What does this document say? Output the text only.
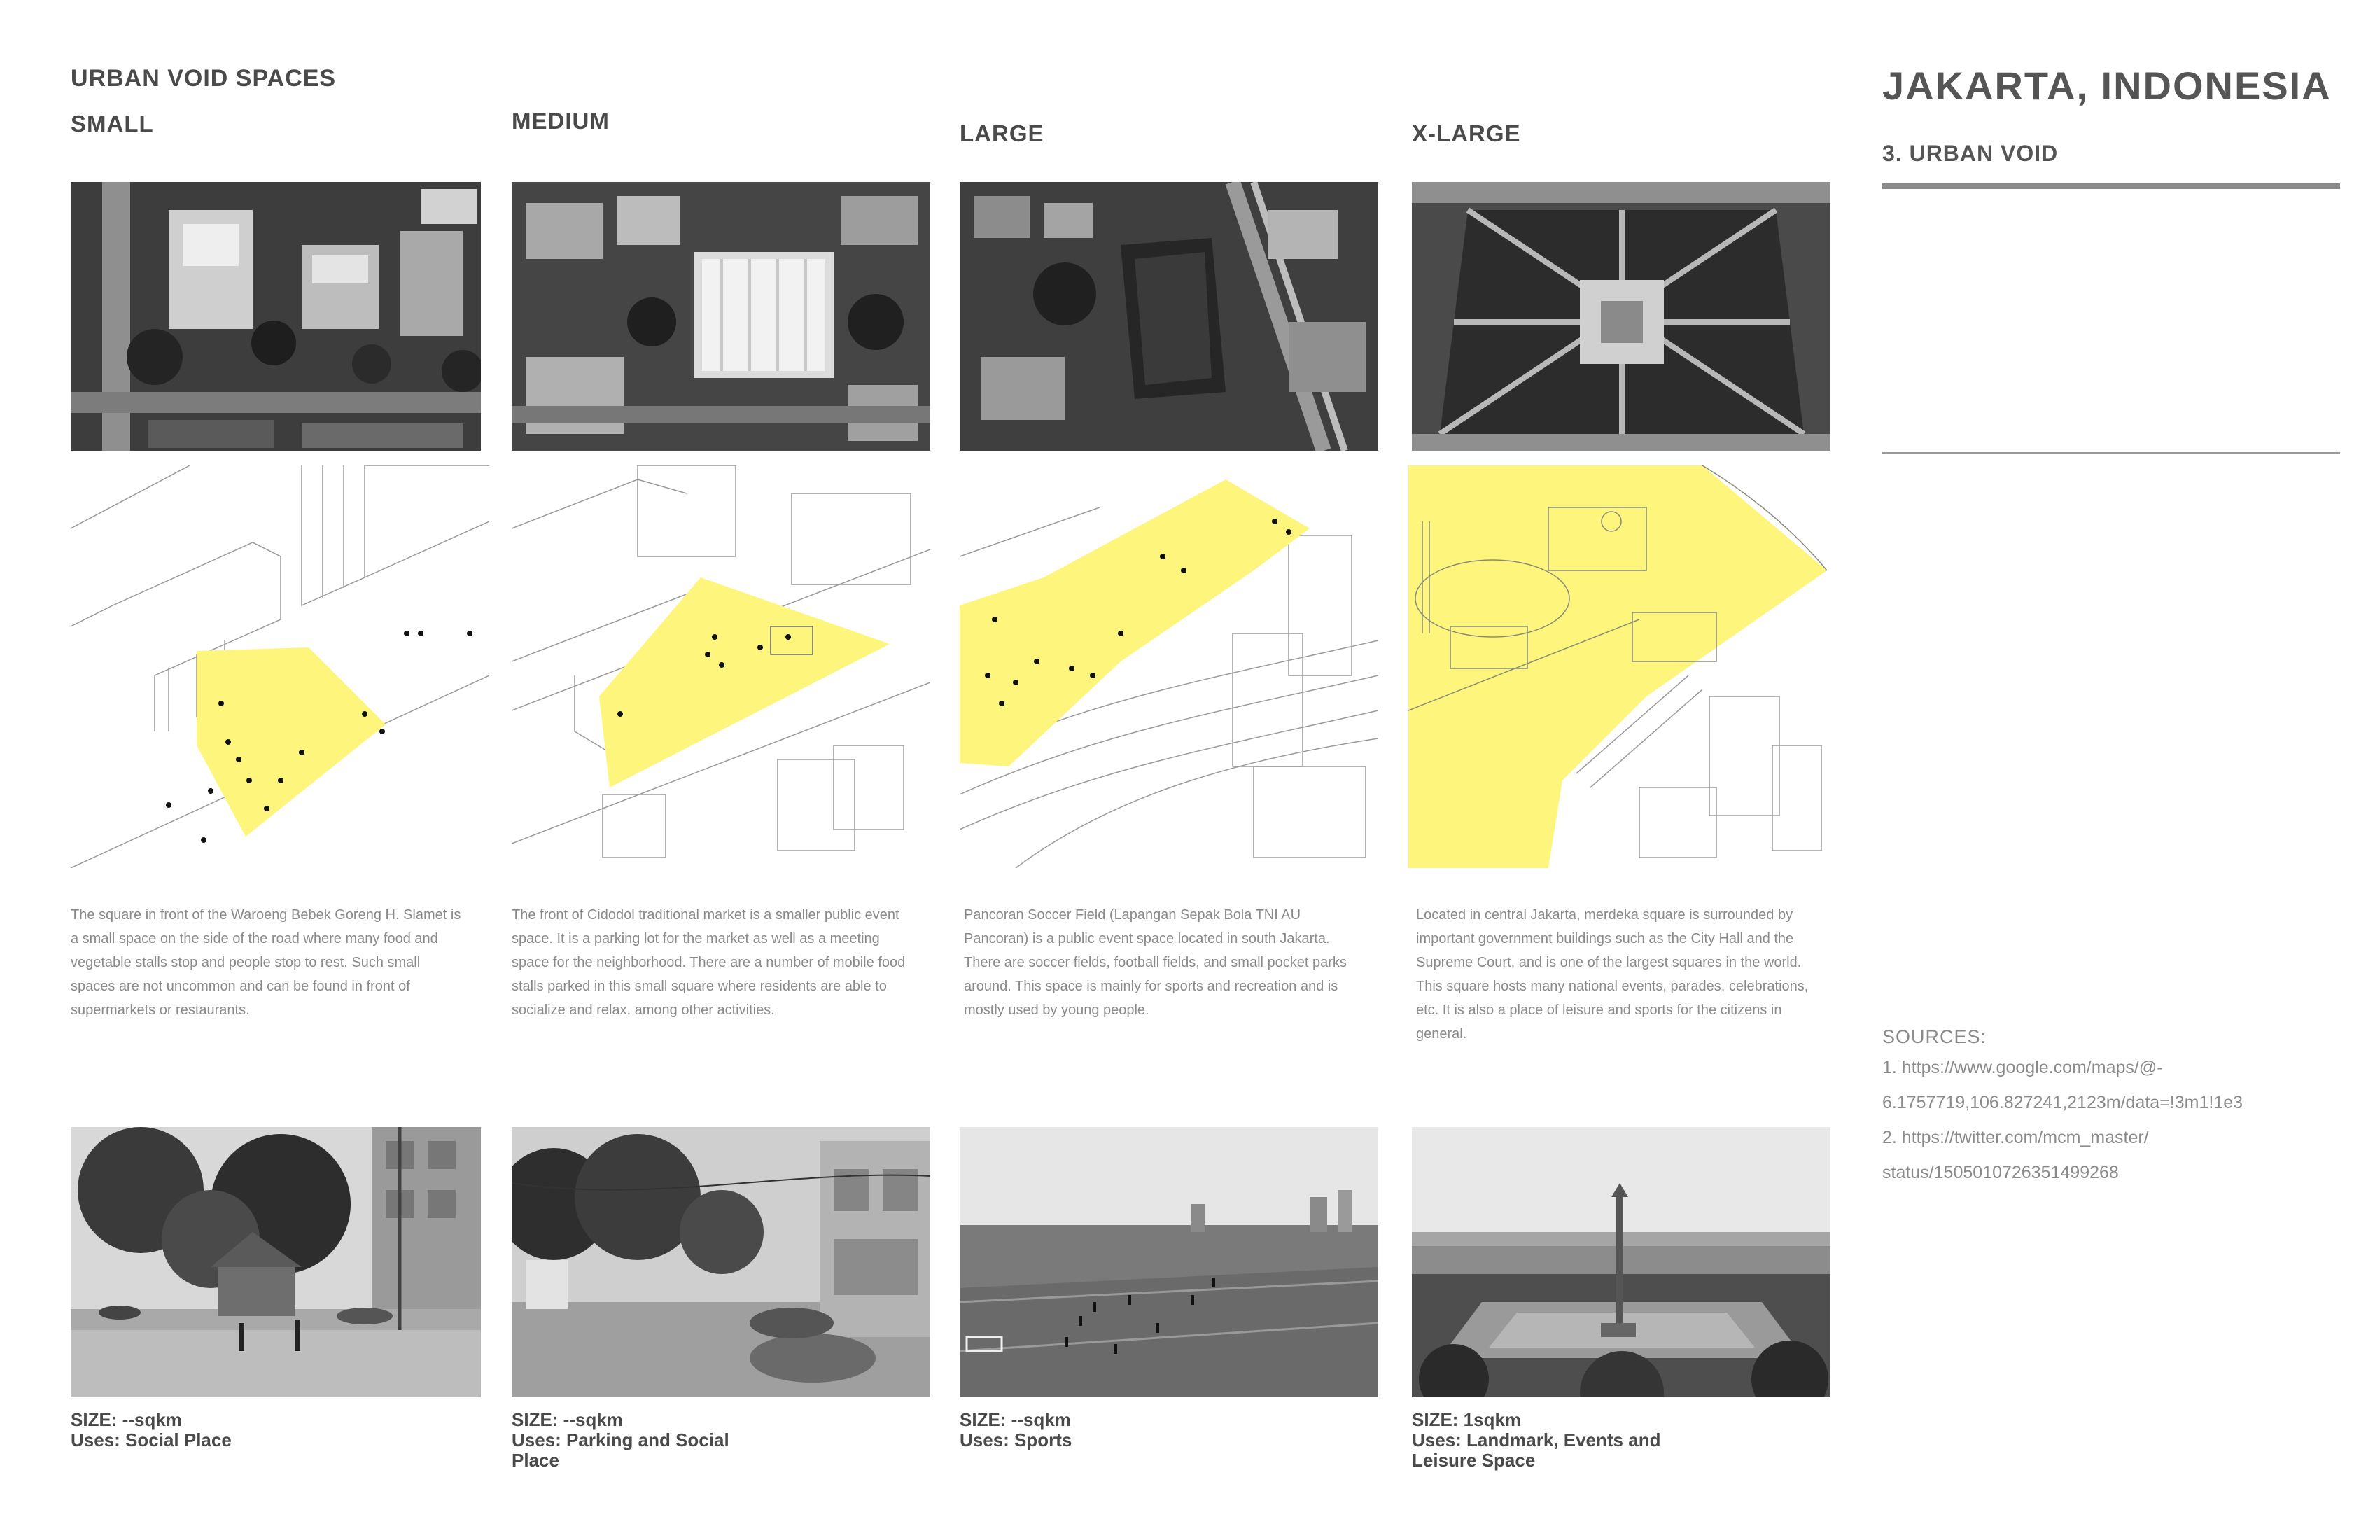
URBAN VOID SPACES
SMALL	MEDIUM	LARGE	X-LARGE
JAKARTA, INDONESIA
3. URBAN VOID
The square in front of the Waroeng Bebek Goreng H. Slamet is a small space on the side of the road where many food and vegetable stalls stop and people stop to rest. Such small spaces are not uncommon and can be found in front of supermarkets or restaurants.
The front of Cidodol traditional market is a smaller public event space. It is a parking lot for the market as well as a meeting space for the neighborhood. There are a number of mobile food stalls parked in this small square where residents are able to socialize and relax, among other activities.
Pancoran Soccer Field (Lapangan Sepak Bola TNI AU Pancoran) is a public event space located in south Jakarta. There are soccer fields, football fields, and small pocket parks around. This space is mainly for sports and recreation and is mostly used by young people.
Located in central Jakarta, merdeka square is surrounded by important government buildings such as the City Hall and the Supreme Court, and is one of the largest squares in the world. This square hosts many national events, parades, celebrations, etc. It is also a place of leisure and sports for the citizens in general.	SOURCES:
1. https://www.google.com/maps/@-
6.1757719,106.827241,2123m/data=!3m1!1e3
2. https://twitter.com/mcm_master/
status/1505010726351499268
SIZE: --sqkm
Uses: Social Place
SIZE: --sqkm
Uses: Parking and Social Place
SIZE: --sqkm
Uses: Sports
SIZE: 1sqkm
Uses: Landmark, Events and Leisure Space
